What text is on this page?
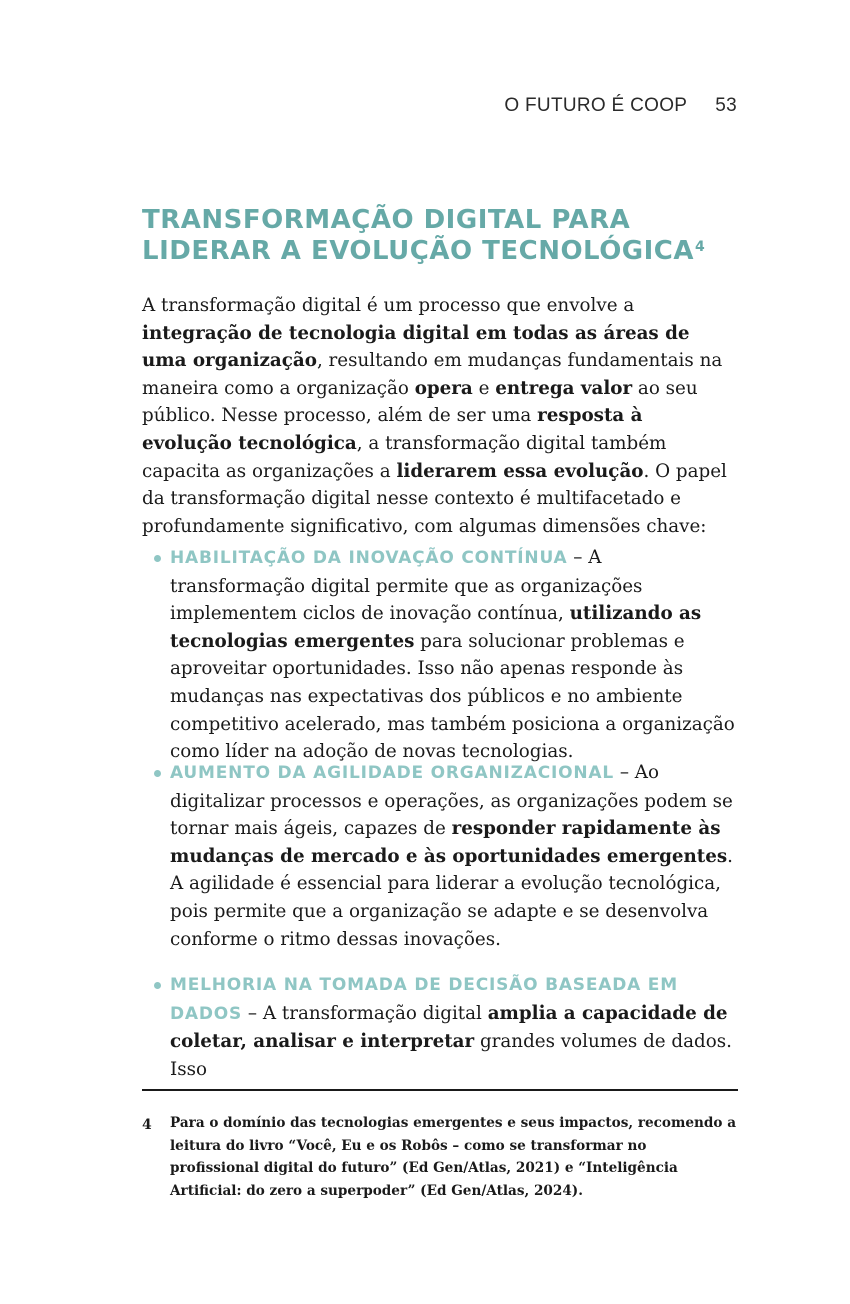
O FUTURO É COOP 53
TRANSFORMAÇÃO DIGITAL PARA
LIDERAR A EVOLUÇÃO TECNOLÓGICA$^4$

A transformação digital é um processo que envolve a integração de tecnologia digital em todas as áreas de uma organização, resultando em mudanças fundamentais na maneira como a organização opera e entrega valor ao seu público. Nesse processo, além de ser uma resposta à evolução tecnológica, a transformação digital também capacita as organizações a liderarem essa evolução. O papel da transformação digital nesse contexto é multifacetado e profundamente significativo, com algumas dimensões chave:

HABILITAÇÃO DA INOVAÇÃO CONTÍNUA – A transformação digital permite que as organizações implementem ciclos de inovação contínua, utilizando as tecnologias emergentes para solucionar problemas e aproveitar oportunidades. Isso não apenas responde às mudanças nas expectativas dos públicos e no ambiente competitivo acelerado, mas também posiciona a organização como líder na adoção de novas tecnologias.

AUMENTO DA AGILIDADE ORGANIZACIONAL – Ao digitalizar processos e operações, as organizações podem se tornar mais ágeis, capazes de responder rapidamente às mudanças de mercado e às oportunidades emergentes. A agilidade é essencial para liderar a evolução tecnológica, pois permite que a organização se adapte e se desenvolva conforme o ritmo dessas inovações.

MELHORIA NA TOMADA DE DECISÃO BASEADA EM DADOS – A transformação digital amplia a capacidade de coletar, analisar e interpretar grandes volumes de dados. Isso

4 Para o domínio das tecnologias emergentes e seus impactos, recomendo a leitura do livro “Você, Eu e os Robôs – como se transformar no profissional digital do futuro” (Ed Gen/Atlas, 2021) e “Inteligência Artificial: do zero a superpoder” (Ed Gen/Atlas, 2024).
